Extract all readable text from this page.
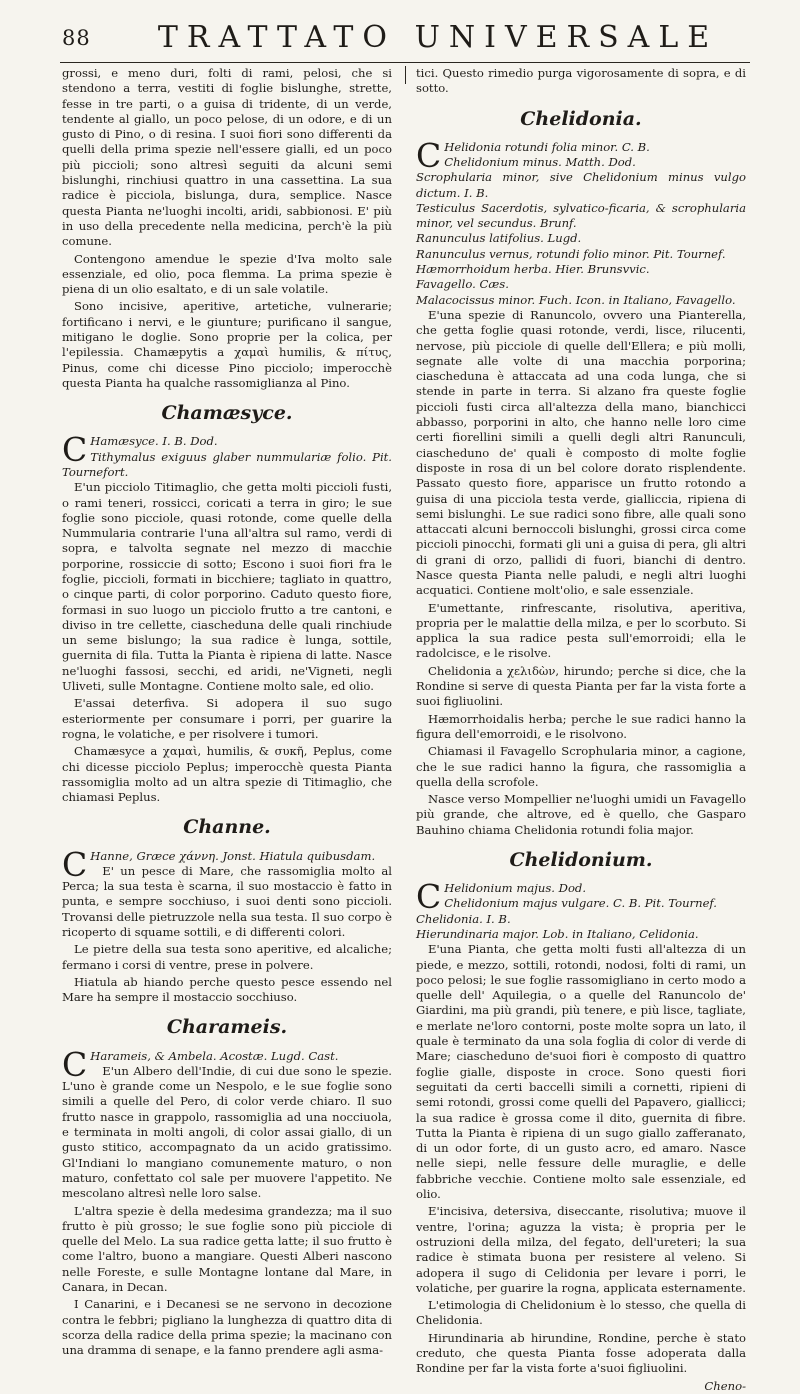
88	TRATTATO UNIVERSALE

grossi, e meno duri, folti di rami, pelosi, che si stendono a terra, vestiti di foglie bislunghe, strette, fesse in tre parti, o a guisa di tridente, di un verde, tendente al giallo, un poco pelose, di un odore, e di un gusto di Pino, o di resina. I suoi fiori sono differenti da quelli della prima spezie nell'essere gialli, ed un poco più piccioli; sono altresì seguiti da alcuni semi bislunghi, rinchiusi quattro in una cassettina. La sua radice è picciola, bislunga, dura, semplice. Nasce questa Pianta ne'luoghi incolti, aridi, sabbionosi. E' più in uso della precedente nella medicina, perch'è la più comune.

Contengono amendue le spezie d'Iva molto sale essenziale, ed olio, poca flemma. La prima spezie è piena di un olio esaltato, e di un sale volatile.

Sono incisive, aperitive, artetiche, vulnerarie; fortificano i nervi, e le giunture; purificano il sangue, mitigano le doglie. Sono proprie per la colica, per l'epilessia. Chamæpytis a χαμαὶ humilis, & πίτυς, Pinus, come chi dicesse Pino picciolo; imperocchè questa Pianta ha qualche rassomiglianza al Pino.

Chamæsyce.
C Hamæsyce. I. B. Dod.

Tithymalus exiguus glaber nummulariæ folio. Pit. Tournefort.

E'un picciolo Titimaglio, che getta molti piccioli fusti, o rami teneri, rossicci, coricati a terra in giro; le sue foglie sono picciole, quasi rotonde, come quelle della Nummularia contrarie l'una all'altra sul ramo, verdi di sopra, e talvolta segnate nel mezzo di macchie porporine, rossiccie di sotto; Escono i suoi fiori fra le foglie, piccioli, formati in bicchiere; tagliato in quattro, o cinque parti, di color porporino. Caduto questo fiore, formasi in suo luogo un picciolo frutto a tre cantoni, e diviso in tre cellette, ciascheduna delle quali rinchiude un seme bislungo; la sua radice è lunga, sottile, guernita di fila. Tutta la Pianta è ripiena di latte. Nasce ne'luoghi fassosi, secchi, ed aridi, ne'Vigneti, negli Uliveti, sulle Montagne. Contiene molto sale, ed olio.

E'assai deterfiva. Si adopera il suo sugo esteriormente per consumare i porri, per guarire la rogna, le volatiche, e per risolvere i tumori.

Chamæsyce a χαμαὶ, humilis, & συκῆ, Peplus, come chi dicesse picciolo Peplus; imperocchè questa Pianta rassomiglia molto ad un altra spezie di Titimaglio, che chiamasi Peplus.

Channe.
C Hanne, Græce χάννη. Jonst. Hiatula quibusdam.

E' un pesce di Mare, che rassomiglia molto al Perca; la sua testa è scarna, il suo mostaccio è fatto in punta, e sempre socchiuso, i suoi denti sono piccioli. Trovansi delle pietruzzole nella sua testa. Il suo corpo è ricoperto di squame sottili, e di differenti colori.

Le pietre della sua testa sono aperitive, ed alcaliche; fermano i corsi di ventre, prese in polvere.

Hiatula ab hiando perche questo pesce essendo nel Mare ha sempre il mostaccio socchiuso.

Charameis.
C Harameis, & Ambela. Acostæ. Lugd. Cast.

E'un Albero dell'Indie, di cui due sono le spezie. L'uno è grande come un Nespolo, e le sue foglie sono simili a quelle del Pero, di color verde chiaro. Il suo frutto nasce in grappolo, rassomiglia ad una nocciuola, e terminata in molti angoli, di color assai giallo, di un gusto stitico, accompagnato da un acido gratissimo. Gl'Indiani lo mangiano comunemente maturo, o non maturo, confettato col sale per muovere l'appetito. Ne mescolano altresì nelle loro salse.

L'altra spezie è della medesima grandezza; ma il suo frutto è più grosso; le sue foglie sono più picciole di quelle del Melo. La sua radice getta latte; il suo frutto è come l'altro, buono a mangiare. Questi Alberi nascono nelle Foreste, e sulle Montagne lontane dal Mare, in Canara, in Decan.

I Canarini, e i Decanesi se ne servono in decozione contra le febbri; pigliano la lunghezza di quattro dita di scorza della radice della prima spezie; la macinano con una dramma di senape, e la fanno prendere agli asma-

tici. Questo rimedio purga vigorosamente di sopra, e di sotto.

Chelidonia.
C Helidonia rotundi folia minor. C. B.

Chelidonium minus. Matth. Dod.

Scrophularia minor, sive Chelidonium minus vulgo dictum. I. B.

Testiculus Sacerdotis, sylvatico-ficaria, & scrophularia minor, vel secundus. Brunf.

Ranunculus latifolius. Lugd.

Ranunculus vernus, rotundi folio minor. Pit. Tournef.

Hæmorrhoidum herba. Hier. Brunsvvic.

Favagello. Cæs.

Malacocissus minor. Fuch. Icon. in Italiano, Favagello.

E'una spezie di Ranuncolo, ovvero una Pianterella, che getta foglie quasi rotonde, verdi, lisce, rilucenti, nervose, più picciole di quelle dell'Ellera; e più molli, segnate alle volte di una macchia porporina; ciascheduna è attaccata ad una coda lunga, che si stende in parte in terra. Si alzano fra queste foglie piccioli fusti circa all'altezza della mano, bianchicci abbasso, porporini in alto, che hanno nelle loro cime certi fiorellini simili a quelli degli altri Ranunculi, ciascheduno de' quali è composto di molte foglie disposte in rosa di un bel colore dorato risplendente. Passato questo fiore, apparisce un frutto rotondo a guisa di una picciola testa verde, gialliccia, ripiena di semi bislunghi. Le sue radici sono fibre, alle quali sono attaccati alcuni bernoccoli bislunghi, grossi circa come piccioli pinocchi, formati gli uni a guisa di pera, gli altri di grani di orzo, pallidi di fuori, bianchi di dentro. Nasce questa Pianta nelle paludi, e negli altri luoghi acquatici. Contiene molt'olio, e sale essenziale.

E'umettante, rinfrescante, risolutiva, aperitiva, propria per le malattie della milza, e per lo scorbuto. Si applica la sua radice pesta sull'emorroidi; ella le radolcisce, e le risolve.

Chelidonia a χελιδὼν, hirundo; perche si dice, che la Rondine si serve di questa Pianta per far la vista forte a suoi figliuolini.

Hæmorrhoidalis herba; perche le sue radici hanno la figura dell'emorroidi, e le risolvono.

Chiamasi il Favagello Scrophularia minor, a cagione, che le sue radici hanno la figura, che rassomiglia a quella della scrofole.

Nasce verso Mompellier ne'luoghi umidi un Favagello più grande, che altrove, ed è quello, che Gasparo Bauhino chiama Chelidonia rotundi folia major.

Chelidonium.
C Helidonium majus. Dod.

Chelidonium majus vulgare. C. B. Pit. Tournef.

Chelidonia. I. B.

Hierundinaria major. Lob. in Italiano, Celidonia.

E'una Pianta, che getta molti fusti all'altezza di un piede, e mezzo, sottili, rotondi, nodosi, folti di rami, un poco pelosi; le sue foglie rassomigliano in certo modo a quelle dell' Aquilegia, o a quelle del Ranuncolo de' Giardini, ma più grandi, più tenere, e più lisce, tagliate, e merlate ne'loro contorni, poste molte sopra un lato, il quale è terminato da una sola foglia di color di verde di Mare; ciascheduno de'suoi fiori è composto di quattro foglie gialle, disposte in croce. Sono questi fiori seguitati da certi baccelli simili a cornetti, ripieni di semi rotondi, grossi come quelli del Papavero, giallicci; la sua radice è grossa come il dito, guernita di fibre. Tutta la Pianta è ripiena di un sugo giallo zafferanato, di un odor forte, di un gusto acro, ed amaro. Nasce nelle siepi, nelle fessure delle muraglie, e delle fabbriche vecchie. Contiene molto sale essenziale, ed olio.

E'incisiva, detersiva, diseccante, risolutiva; muove il ventre, l'orina; aguzza la vista; è propria per le ostruzioni della milza, del fegato, dell'ureteri; la sua radice è stimata buona per resistere al veleno. Si adopera il sugo di Celidonia per levare i porri, le volatiche, per guarire la rogna, applicata esternamente.

L'etimologia di Chelidonium è lo stesso, che quella di Chelidonia.

Hirundinaria ab hirundine, Rondine, perche è stato creduto, che questa Pianta fosse adoperata dalla Rondine per far la vista forte a'suoi figliuolini.

Cheno-
